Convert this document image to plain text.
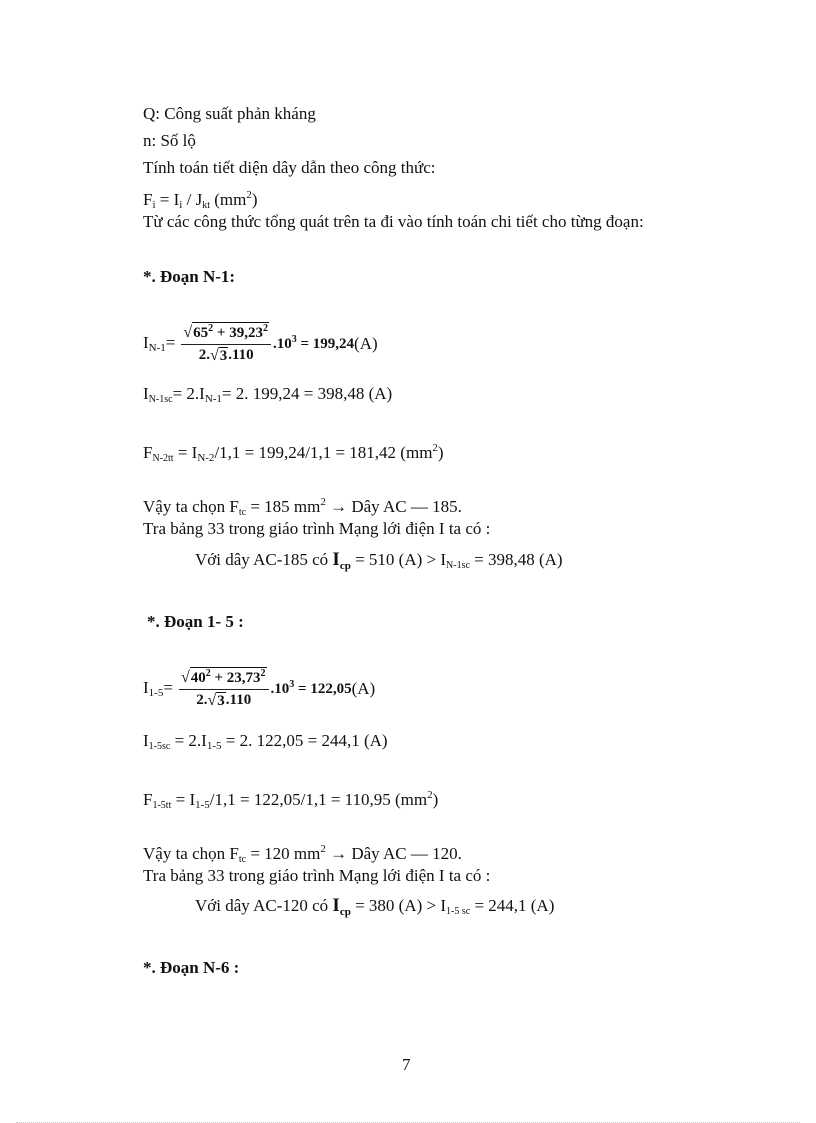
Q: Công suất phản kháng
n: Số lộ
Tính toán tiết diện dây dẫn theo công thức:
$F_i = I_i$ / Jkt $(mm^2)$
Từ các công thức tổng quát trên ta đi vào tính toán chi tiết cho từng đoạn:
*. Đoạn N-1:
$I_{N-1}= \frac{√ 65^2 + 39,23^2}{2. √ 3 .110} .10^3 = 199,24$ (A)
$IN-1sc= 2.I_{N-1}= 2$. 199,24 = 398,48 (A)
$FN-2tt = I_{N-2}/1,1 = 199,24/1,1 = 181,42$ $(mm^2)$
Vậy ta chọn Ftc = 185 $mm^2$ → Dây AC — 185.
Tra bảng 33 trong giáo trình Mạng lới điện I ta có :
Với dây AC-185 có $I_{cp} = 510$ (A) > IN-1sc = 398,48 (A)
*. Đoạn 1- 5 :
$I_{1-5}= \frac{√ 40^2 + 23,73^2}{2. √ 3 .110} .10^3 = 122,05$ (A)
$I1-5sc = 2.I_{1-5} = 2$. 122,05 = 244,1 (A)
$F1-5tt = I_{1-5}/1,1 = 122,05/1,1 = 110,95$ $(mm^2)$
Vậy ta chọn Ftc = 120 $mm^2$ → Dây AC — 120.
Tra bảng 33 trong giáo trình Mạng lới điện I ta có :
Với dây AC-120 có $I_{cp} = 380$ (A) > I1-5 sc = 244,1 (A)
*. Đoạn N-6 :
7
